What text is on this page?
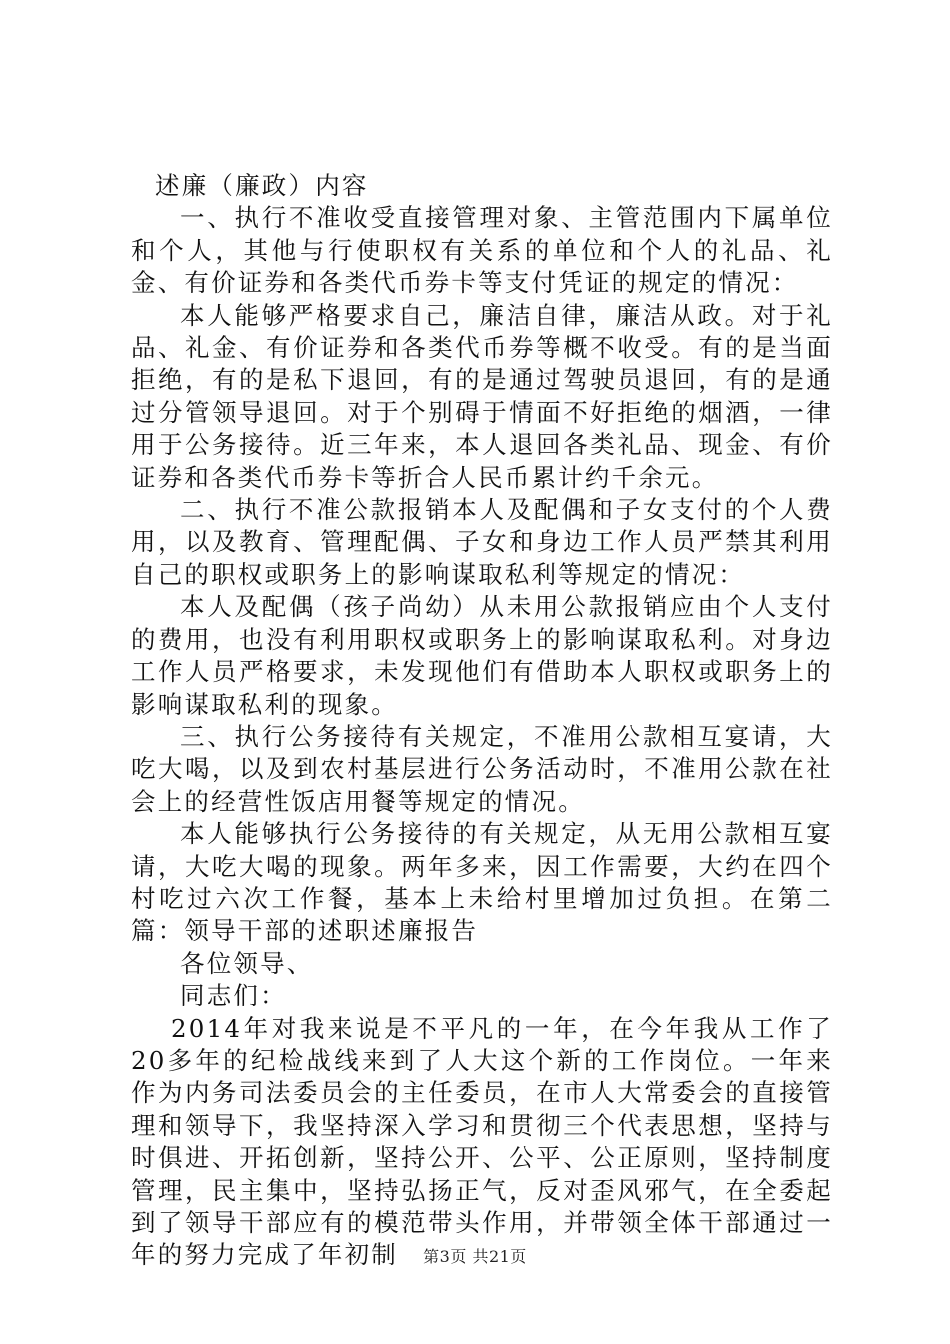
述廉（廉政）内容

一、执行不准收受直接管理对象、主管范围内下属单位和个人，其他与行使职权有关系的单位和个人的礼品、礼金、有价证券和各类代币券卡等支付凭证的规定的情况：

本人能够严格要求自己，廉洁自律，廉洁从政。对于礼品、礼金、有价证券和各类代币券等概不收受。有的是当面拒绝，有的是私下退回，有的是通过驾驶员退回，有的是通过分管领导退回。对于个别碍于情面不好拒绝的烟酒，一律用于公务接待。近三年来，本人退回各类礼品、现金、有价证券和各类代币券卡等折合人民币累计约千余元。

二、执行不准公款报销本人及配偶和子女支付的个人费用，以及教育、管理配偶、子女和身边工作人员严禁其利用自己的职权或职务上的影响谋取私利等规定的情况：

本人及配偶（孩子尚幼）从未用公款报销应由个人支付的费用，也没有利用职权或职务上的影响谋取私利。对身边工作人员严格要求，未发现他们有借助本人职权或职务上的影响谋取私利的现象。

三、执行公务接待有关规定，不准用公款相互宴请，大吃大喝，以及到农村基层进行公务活动时，不准用公款在社会上的经营性饭店用餐等规定的情况。

本人能够执行公务接待的有关规定，从无用公款相互宴请，大吃大喝的现象。两年多来，因工作需要，大约在四个村吃过六次工作餐，基本上未给村里增加过负担。在第二篇：领导干部的述职述廉报告

各位领导、

同志们：

2014年对我来说是不平凡的一年，在今年我从工作了20多年的纪检战线来到了人大这个新的工作岗位。一年来作为内务司法委员会的主任委员，在市人大常委会的直接管理和领导下，我坚持深入学习和贯彻三个代表思想，坚持与时俱进、开拓创新，坚持公开、公平、公正原则，坚持制度管理，民主集中，坚持弘扬正气，反对歪风邪气，在全委起到了领导干部应有的模范带头作用，并带领全体干部通过一年的努力完成了年初制	第3页 共21页
